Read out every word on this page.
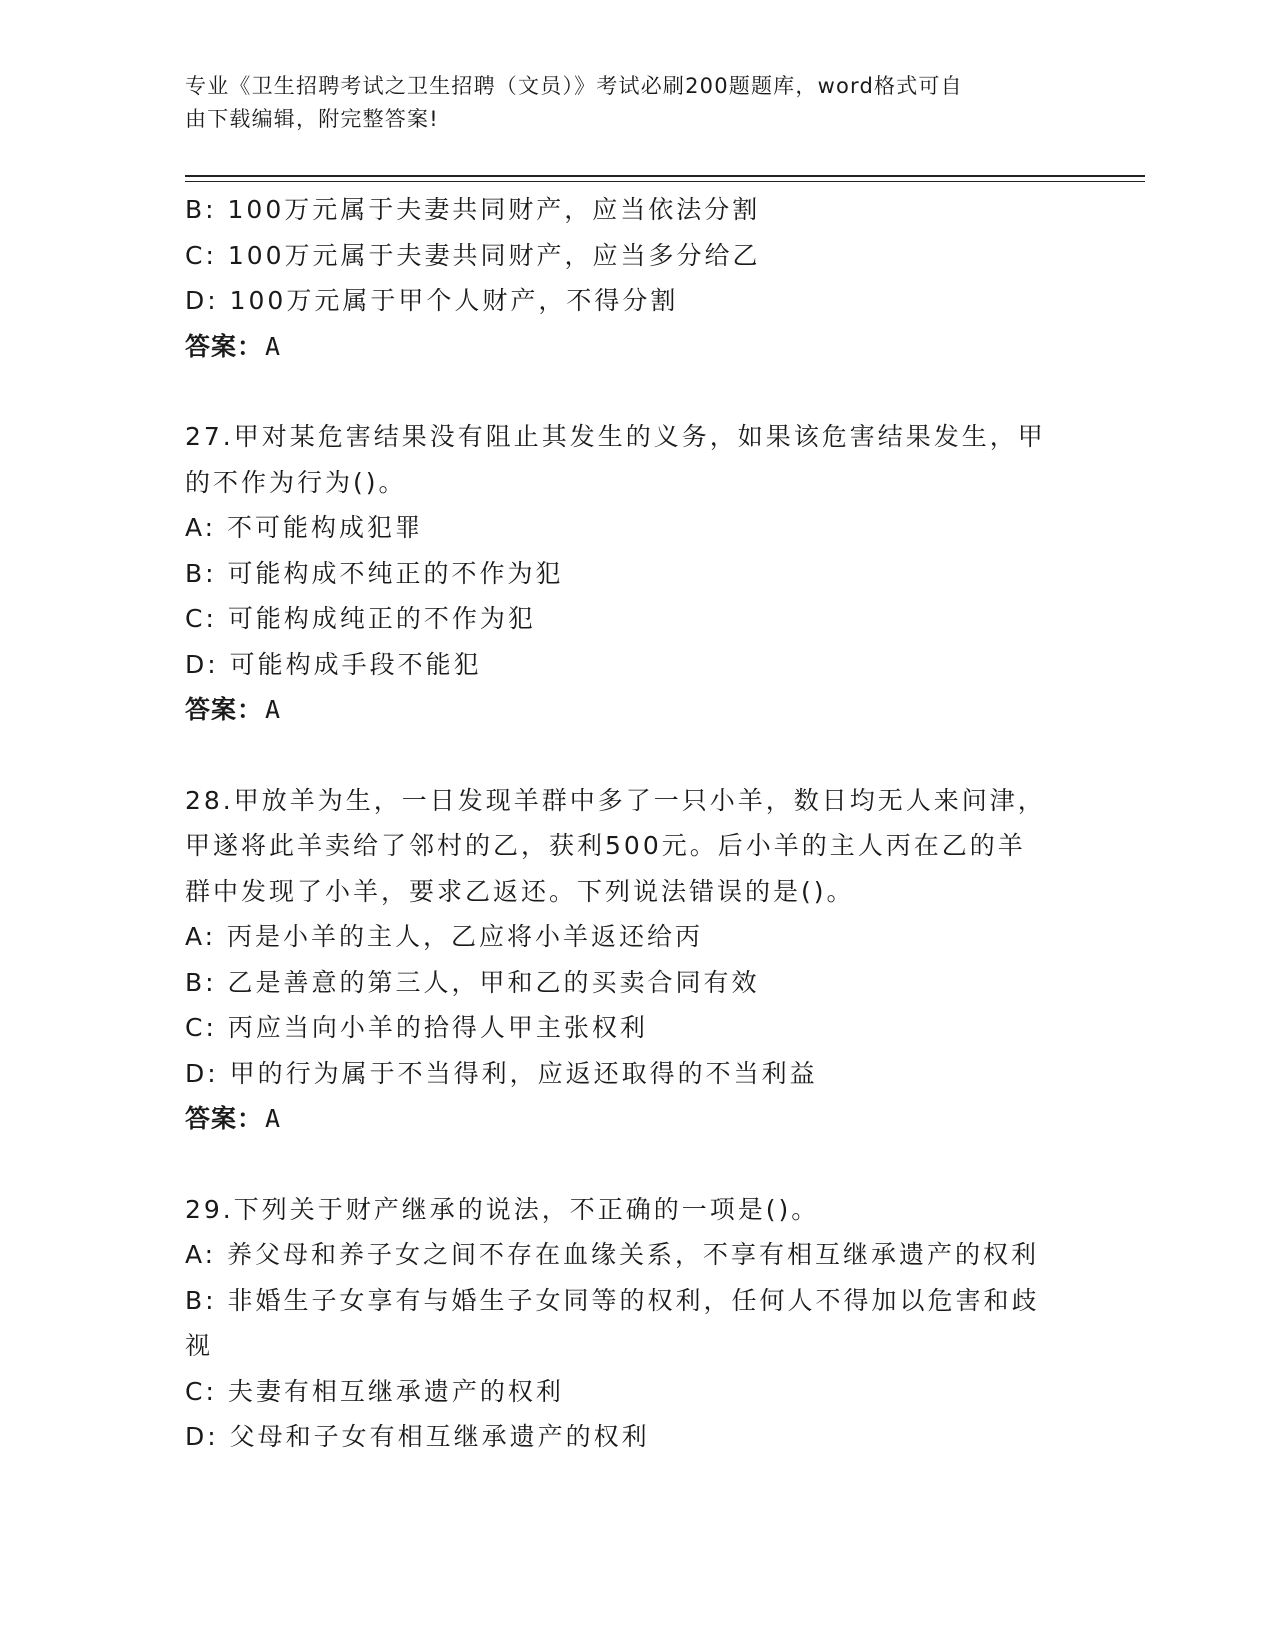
专业《卫生招聘考试之卫生招聘（文员）》考试必刷200题题库，word格式可自
由下载编辑，附完整答案!
B: 100万元属于夫妻共同财产，应当依法分割
C: 100万元属于夫妻共同财产，应当多分给乙
D: 100万元属于甲个人财产，不得分割
答案：A
27.甲对某危害结果没有阻止其发生的义务，如果该危害结果发生，甲
的不作为行为()。
A: 不可能构成犯罪
B: 可能构成不纯正的不作为犯
C: 可能构成纯正的不作为犯
D: 可能构成手段不能犯
答案：A
28.甲放羊为生，一日发现羊群中多了一只小羊，数日均无人来问津，
甲遂将此羊卖给了邻村的乙，获利500元。后小羊的主人丙在乙的羊
群中发现了小羊，要求乙返还。下列说法错误的是()。
A: 丙是小羊的主人，乙应将小羊返还给丙
B: 乙是善意的第三人，甲和乙的买卖合同有效
C: 丙应当向小羊的拾得人甲主张权利
D: 甲的行为属于不当得利，应返还取得的不当利益
答案：A
29.下列关于财产继承的说法，不正确的一项是()。
A: 养父母和养子女之间不存在血缘关系，不享有相互继承遗产的权利
B: 非婚生子女享有与婚生子女同等的权利，任何人不得加以危害和歧
视
C: 夫妻有相互继承遗产的权利
D: 父母和子女有相互继承遗产的权利
